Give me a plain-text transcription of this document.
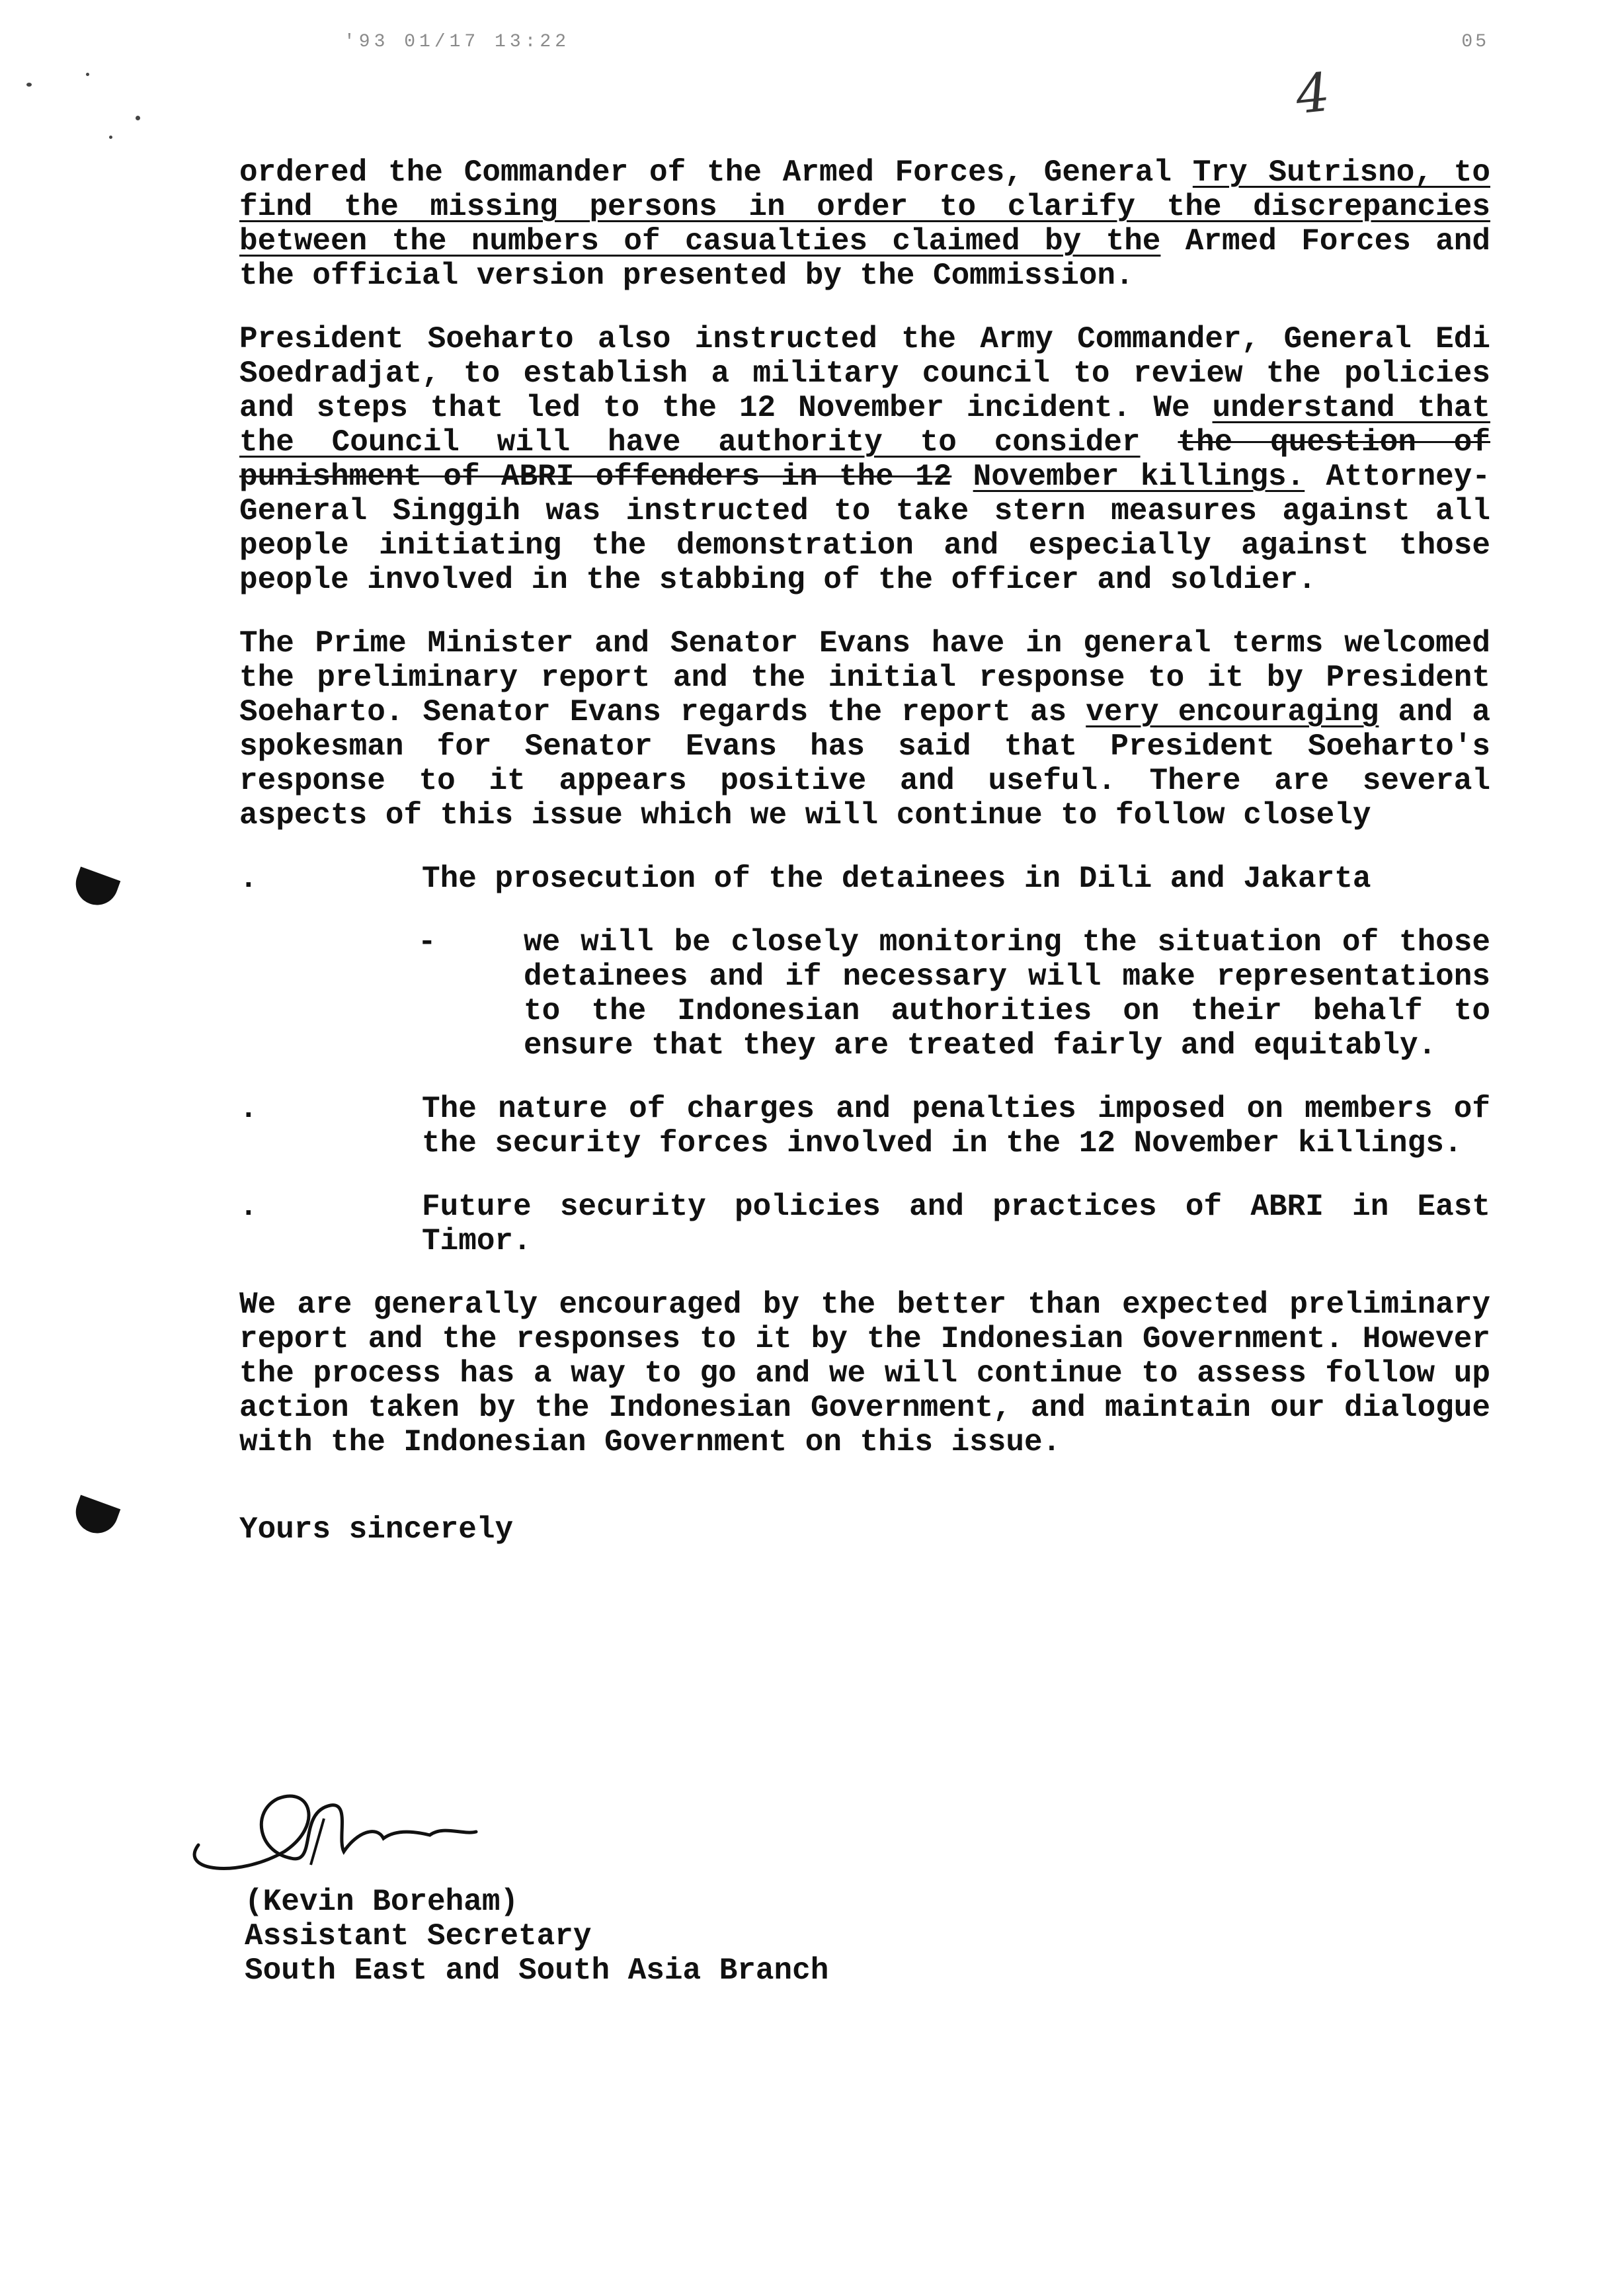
'93 01/17 13:22	05
4

ordered the Commander of the Armed Forces, General Try Sutrisno, to find the missing persons in order to clarify the discrepancies between the numbers of casualties claimed by the Armed Forces and the official version presented by the Commission.

President Soeharto also instructed the Army Commander, General Edi Soedradjat, to establish a military council to review the policies and steps that led to the 12 November incident. We understand that the Council will have authority to consider the question of punishment of ABRI offenders in the 12 November killings. Attorney-General Singgih was instructed to take stern measures against all people initiating the demonstration and especially against those people involved in the stabbing of the officer and soldier.

The Prime Minister and Senator Evans have in general terms welcomed the preliminary report and the initial response to it by President Soeharto. Senator Evans regards the report as very encouraging and a spokesman for Senator Evans has said that President Soeharto's response to it appears positive and useful. There are several aspects of this issue which we will continue to follow closely

.	The prosecution of the detainees in Dili and Jakarta
-	we will be closely monitoring the situation of those detainees and if necessary will make representations to the Indonesian authorities on their behalf to ensure that they are treated fairly and equitably.
.	The nature of charges and penalties imposed on members of the security forces involved in the 12 November killings.
.	Future security policies and practices of ABRI in East Timor.

We are generally encouraged by the better than expected preliminary report and the responses to it by the Indonesian Government. However the process has a way to go and we will continue to assess follow up action taken by the Indonesian Government, and maintain our dialogue with the Indonesian Government on this issue.

Yours sincerely

(Kevin Boreham)
Assistant Secretary
South East and South Asia Branch
